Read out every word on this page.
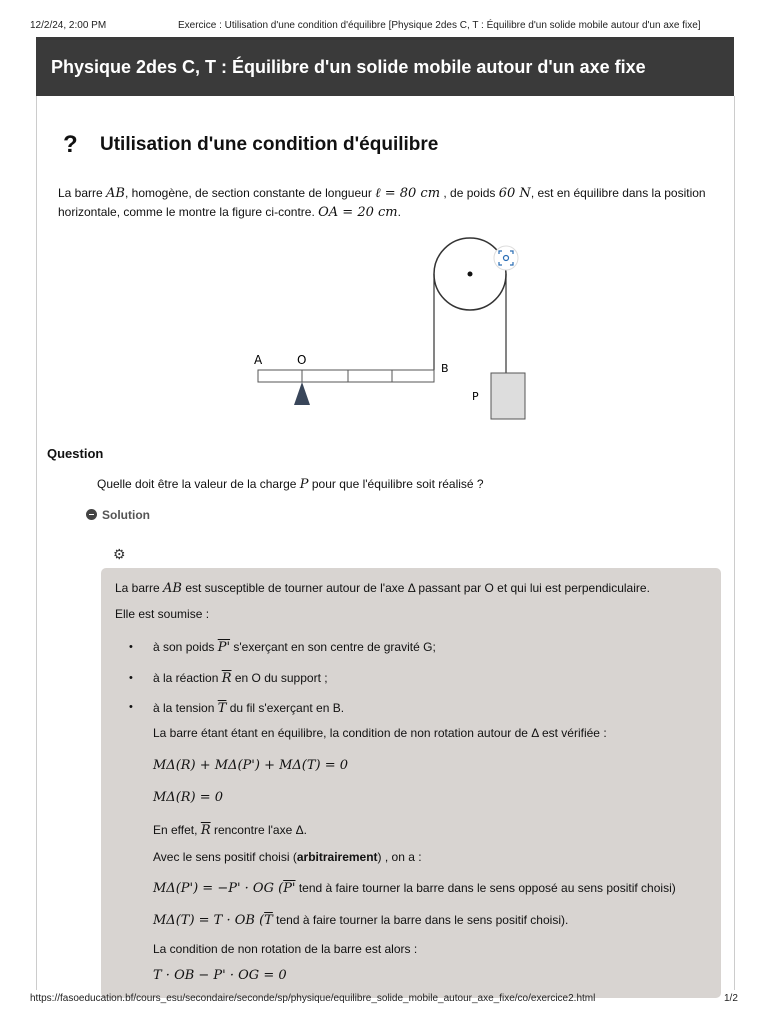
12/2/24, 2:00 PM	Exercice : Utilisation d'une condition d'équilibre [Physique 2des C, T : Équilibre d'un solide mobile autour d'un axe fixe]
Physique 2des C, T : Équilibre d'un solide mobile autour d'un axe fixe
? Utilisation d'une condition d'équilibre
La barre AB, homogène, de section constante de longueur ℓ = 80 cm , de poids 60 N, est en équilibre dans la position horizontale, comme le montre la figure ci-contre. OA = 20 cm.
A	O
B
P
Question
Quelle doit être la valeur de la charge P pour que l'équilibre soit réalisé ?
Solution
⚙
La barre AB est susceptible de tourner autour de l'axe Δ passant par O et qui lui est perpendiculaire.
Elle est soumise :
• à son poids P' s'exerçant en son centre de gravité G;
• à la réaction $\overline{R}$ en O du support ;
• à la tension $\overline{T}$ du fil s'exerçant en B.
La barre étant étant en équilibre, la condition de non rotation autour de Δ est vérifiée :
MΔ(R) + MΔ(P') + MΔ(T) = 0
MΔ(R) = 0
En effet, $\overline{R}$ rencontre l'axe Δ.
Avec le sens positif choisi (arbitrairement) , on a :
MΔ(P') = −P' · OG (P' tend à faire tourner la barre dans le sens opposé au sens positif choisi)
MΔ(T) = T · OB ($\overline{T}$ tend à faire tourner la barre dans le sens positif choisi).
La condition de non rotation de la barre est alors :
T · OB − P' · OG = 0
https://fasoeducation.bf/cours_esu/secondaire/seconde/sp/physique/equilibre_solide_mobile_autour_axe_fixe/co/exercice2.html	1/2
